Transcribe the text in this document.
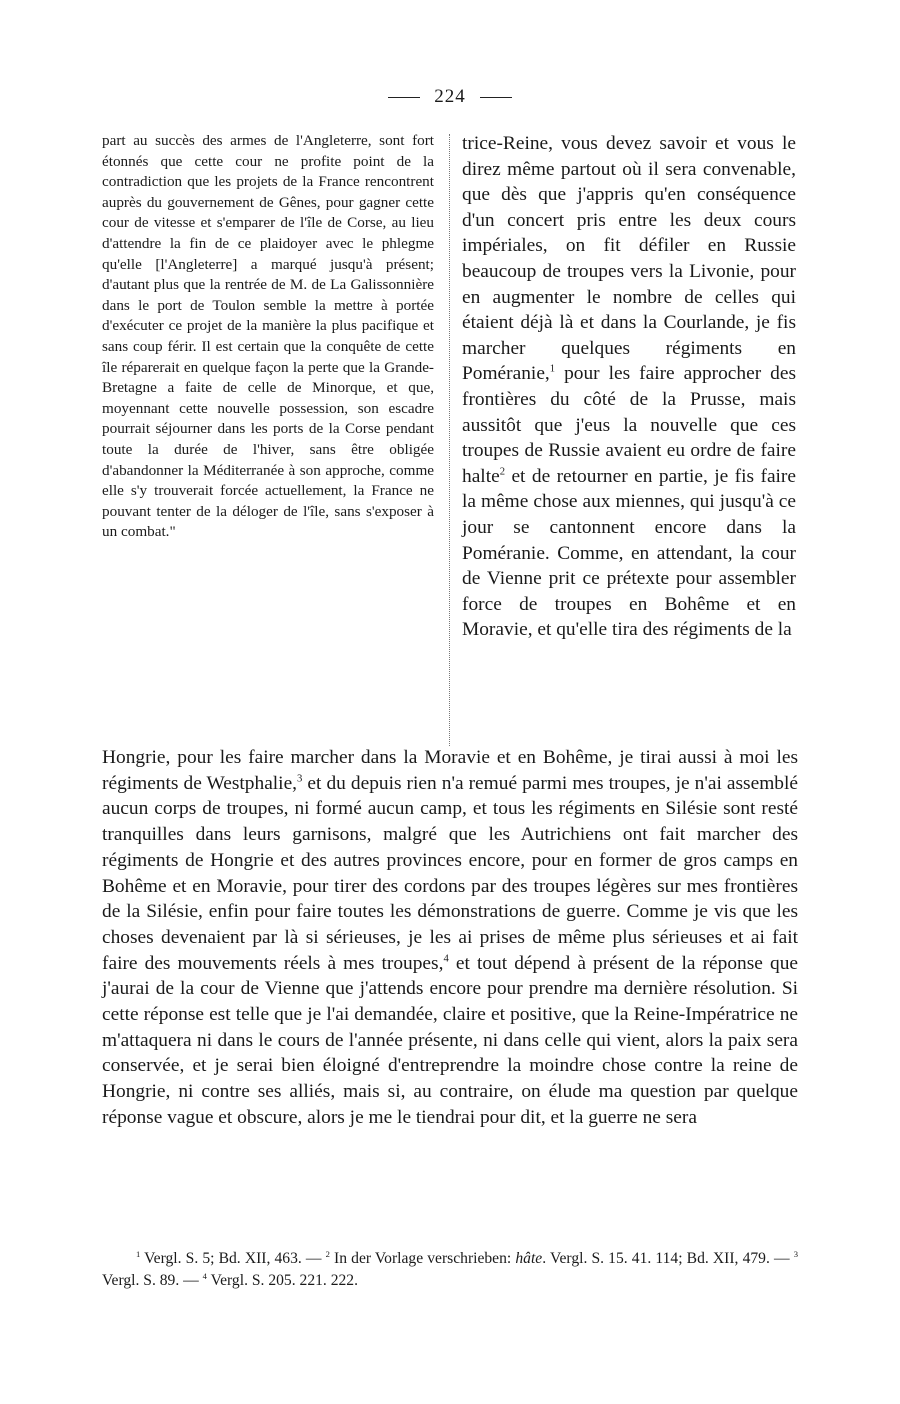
224

part au succès des armes de l'Angleterre, sont fort étonnés que cette cour ne profite point de la contradiction que les projets de la France rencontrent auprès du gouvernement de Gênes, pour gagner cette cour de vitesse et s'emparer de l'île de Corse, au lieu d'attendre la fin de ce plaidoyer avec le phlegme qu'elle [l'Angleterre] a marqué jusqu'à présent; d'autant plus que la rentrée de M. de La Galissonnière dans le port de Toulon semble la mettre à portée d'exécuter ce projet de la manière la plus pacifique et sans coup férir. Il est certain que la conquête de cette île réparerait en quelque façon la perte que la Grande-Bretagne a faite de celle de Minorque, et que, moyennant cette nouvelle possession, son escadre pourrait séjourner dans les ports de la Corse pendant toute la durée de l'hiver, sans être obligée d'abandonner la Méditerranée à son approche, comme elle s'y trouverait forcée actuellement, la France ne pouvant tenter de la déloger de l'île, sans s'exposer à un combat."

trice-Reine, vous devez savoir et vous le direz même partout où il sera convenable, que dès que j'appris qu'en conséquence d'un concert pris entre les deux cours impériales, on fit défiler en Russie beaucoup de troupes vers la Livonie, pour en augmenter le nombre de celles qui étaient déjà là et dans la Courlande, je fis marcher quelques régiments en Poméranie,$^1$ pour les faire approcher des frontières du côté de la Prusse, mais aussitôt que j'eus la nouvelle que ces troupes de Russie avaient eu ordre de faire halte$^2$ et de retourner en partie, je fis faire la même chose aux miennes, qui jusqu'à ce jour se cantonnent encore dans la Poméranie. Comme, en attendant, la cour de Vienne prit ce prétexte pour assembler force de troupes en Bohême et en Moravie, et qu'elle tira des régiments de la

Hongrie, pour les faire marcher dans la Moravie et en Bohême, je tirai aussi à moi les régiments de Westphalie,$^3$ et du depuis rien n'a remué parmi mes troupes, je n'ai assemblé aucun corps de troupes, ni formé aucun camp, et tous les régiments en Silésie sont resté tranquilles dans leurs garnisons, malgré que les Autrichiens ont fait marcher des régiments de Hongrie et des autres provinces encore, pour en former de gros camps en Bohême et en Moravie, pour tirer des cordons par des troupes légères sur mes frontières de la Silésie, enfin pour faire toutes les démonstrations de guerre. Comme je vis que les choses devenaient par là si sérieuses, je les ai prises de même plus sérieuses et ai fait faire des mouvements réels à mes troupes,$^4$ et tout dépend à présent de la réponse que j'aurai de la cour de Vienne que j'attends encore pour prendre ma dernière résolution. Si cette réponse est telle que je l'ai demandée, claire et positive, que la Reine-Impératrice ne m'attaquera ni dans le cours de l'année présente, ni dans celle qui vient, alors la paix sera conservée, et je serai bien éloigné d'entreprendre la moindre chose contre la reine de Hongrie, ni contre ses alliés, mais si, au contraire, on élude ma question par quelque réponse vague et obscure, alors je me le tiendrai pour dit, et la guerre ne sera

$^1$ Vergl. S. 5; Bd. XII, 463. — $^2$ In der Vorlage verschrieben: hâte. Vergl. S. 15. 41. 114; Bd. XII, 479. — $^3$ Vergl. S. 89. — $^4$ Vergl. S. 205. 221. 222.
